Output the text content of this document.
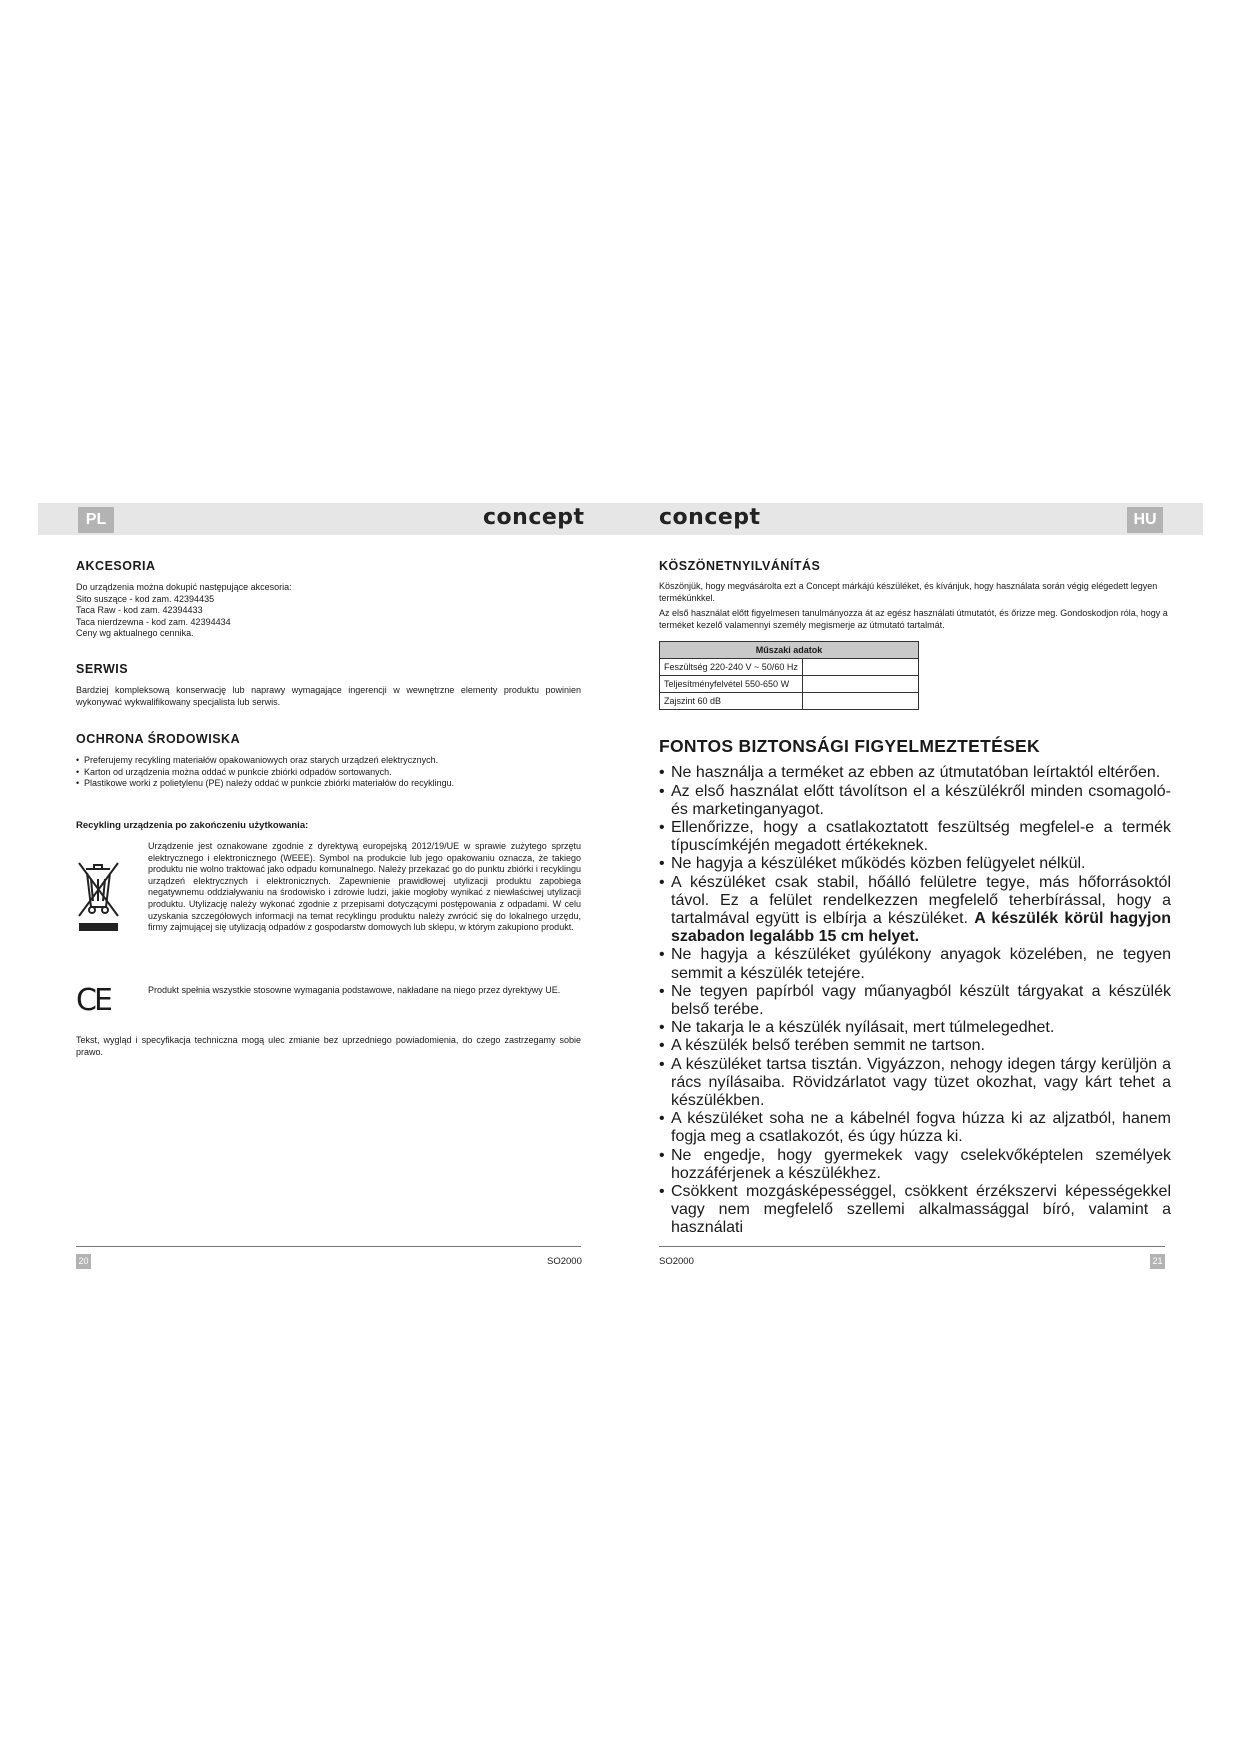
PL	HU
concept	concept
AKCESORIA
Do urządzenia można dokupić następujące akcesoria:
Sito suszące - kod zam. 42394435
Taca Raw - kod zam. 42394433
Taca nierdzewna - kod zam. 42394434
Ceny wg aktualnego cennika.
SERWIS
Bardziej kompleksową konserwację lub naprawy wymagające ingerencji w wewnętrzne elementy produktu powinien wykonywać wykwalifikowany specjalista lub serwis.
OCHRONA ŚRODOWISKA
• Preferujemy recykling materiałów opakowaniowych oraz starych urządzeń elektrycznych.
• Karton od urządzenia można oddać w punkcie zbiórki odpadów sortowanych.
• Plastikowe worki z polietylenu (PE) należy oddać w punkcie zbiórki materiałów do recyklingu.
Recykling urządzenia po zakończeniu użytkowania:
Urządzenie jest oznakowane zgodnie z dyrektywą europejską 2012/19/UE w sprawie zużytego sprzętu elektrycznego i elektronicznego (WEEE). Symbol na produkcie lub jego opakowaniu oznacza, że takiego produktu nie wolno traktować jako odpadu komunalnego. Należy przekazać go do punktu zbiórki i recyklingu urządzeń elektrycznych i elektronicznych. Zapewnienie prawidłowej utylizacji produktu zapobiega negatywnemu oddziaływaniu na środowisko i zdrowie ludzi, jakie mogłoby wynikać z niewłaściwej utylizacji produktu. Utylizację należy wykonać zgodnie z przepisami dotyczącymi postępowania z odpadami. W celu uzyskania szczegółowych informacji na temat recyklingu produktu należy zwrócić się do lokalnego urzędu, firmy zajmującej się utylizacją odpadów z gospodarstw domowych lub sklepu, w którym zakupiono produkt.
CE	Produkt spełnia wszystkie stosowne wymagania podstawowe, nakładane na niego przez dyrektywy UE.
Tekst, wygląd i specyfikacja techniczna mogą ulec zmianie bez uprzedniego powiadomienia, do czego zastrzegamy sobie prawo.
KÖSZÖNETNYILVÁNÍTÁS
Köszönjük, hogy megvásárolta ezt a Concept márkájú készüléket, és kívánjuk, hogy használata során végig elégedett legyen termékünkkel.
Az első használat előtt figyelmesen tanulmányozza át az egész használati útmutatót, és őrizze meg. Gondoskodjon róla, hogy a terméket kezelő valamennyi személy megismerje az útmutató tartalmát.
Műszaki adatok	
Feszültség 220-240 V ~ 50/60 Hz	
Teljesítményfelvétel 550-650 W	
Zajszint 60 dB	
FONTOS BIZTONSÁGI FIGYELMEZTETÉSEK
• Ne használja a terméket az ebben az útmutatóban leírtaktól eltérően.
• Az első használat előtt távolítson el a készülékről minden csomagoló- és marketinganyagot.
• Ellenőrizze, hogy a csatlakoztatott feszültség megfelel-e a termék típuscímkéjén megadott értékeknek.
• Ne hagyja a készüléket működés közben felügyelet nélkül.
• A készüléket csak stabil, hőálló felületre tegye, más hőforrásoktól távol. Ez a felület rendelkezzen megfelelő teherbírással, hogy a tartalmával együtt is elbírja a készüléket. A készülék körül hagyjon szabadon legalább 15 cm helyet.
• Ne hagyja a készüléket gyúlékony anyagok közelében, ne tegyen semmit a készülék tetejére.
• Ne tegyen papírból vagy műanyagból készült tárgyakat a készülék belső terébe.
• Ne takarja le a készülék nyílásait, mert túlmelegedhet.
• A készülék belső terében semmit ne tartson.
• A készüléket tartsa tisztán. Vigyázzon, nehogy idegen tárgy kerüljön a rács nyílásaiba. Rövidzárlatot vagy tüzet okozhat, vagy kárt tehet a készülékben.
• A készüléket soha ne a kábelnél fogva húzza ki az aljzatból, hanem fogja meg a csatlakozót, és úgy húzza ki.
• Ne engedje, hogy gyermekek vagy cselekvőképtelen személyek hozzáférjenek a készülékhez.
• Csökkent mozgásképességgel, csökkent érzékszervi képességekkel vagy nem megfelelő szellemi alkalmassággal bíró, valamint a használati
20	SO2000	SO2000	21
